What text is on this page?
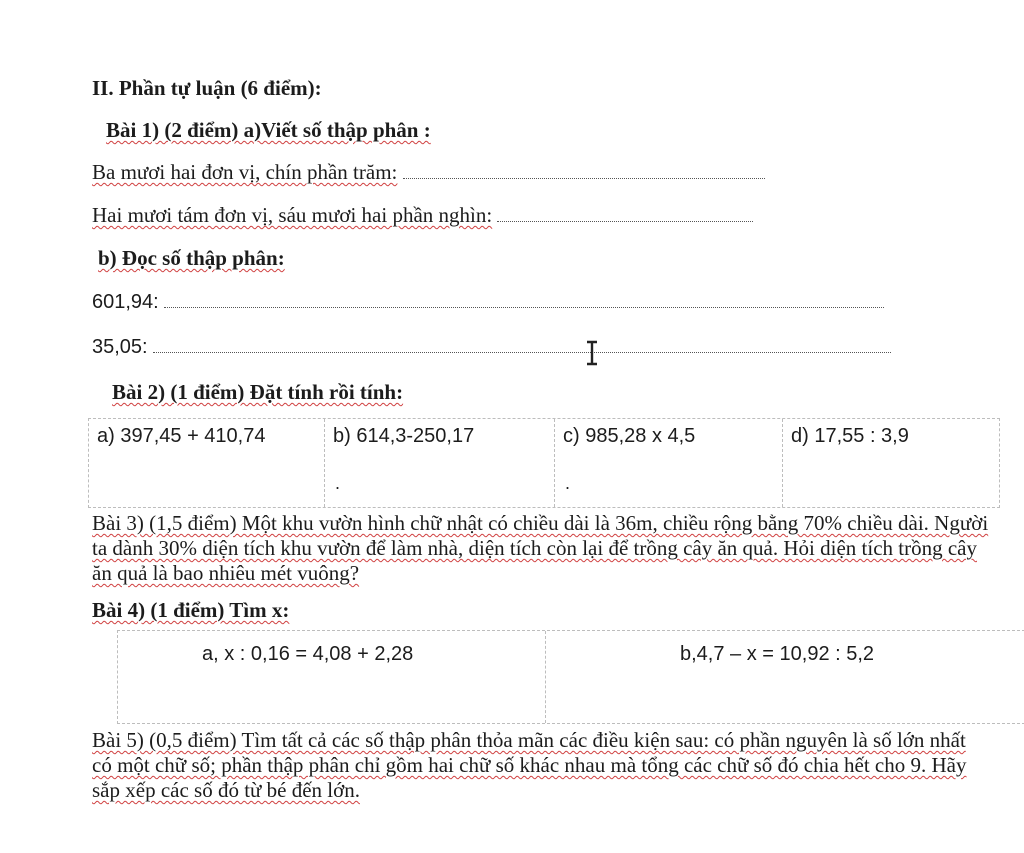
II. Phần tự luận (6 điểm):
Bài 1) (2 điểm) a)Viết số thập phân :
Ba mươi hai đơn vị, chín phần trăm:
Hai mươi tám đơn vị, sáu mươi hai phần nghìn:
b) Đọc số thập phân:
601,94:
35,05:
Bài 2) (1 điểm) Đặt tính rồi tính:
a) 397,45 + 410,74	b) 614,3-250,17
.
c) 985,28 x 4,5
.
d) 17,55 : 3,9
Bài 3) (1,5 điểm) Một khu vườn hình chữ nhật có chiều dài là 36m, chiều rộng bằng 70% chiều dài. Người ta dành 30% diện tích khu vườn để làm nhà, diện tích còn lại để trồng cây ăn quả. Hỏi diện tích trồng cây ăn quả là bao nhiêu mét vuông?
Bài 4) (1 điểm) Tìm x:
a, x : 0,16 = 4,08 + 2,28	b,4,7 – x = 10,92 : 5,2
Bài 5) (0,5 điểm) Tìm tất cả các số thập phân thỏa mãn các điều kiện sau: có phần nguyên là số lớn nhất có một chữ số; phần thập phân chỉ gồm hai chữ số khác nhau mà tổng các chữ số đó chia hết cho 9. Hãy sắp xếp các số đó từ bé đến lớn.
